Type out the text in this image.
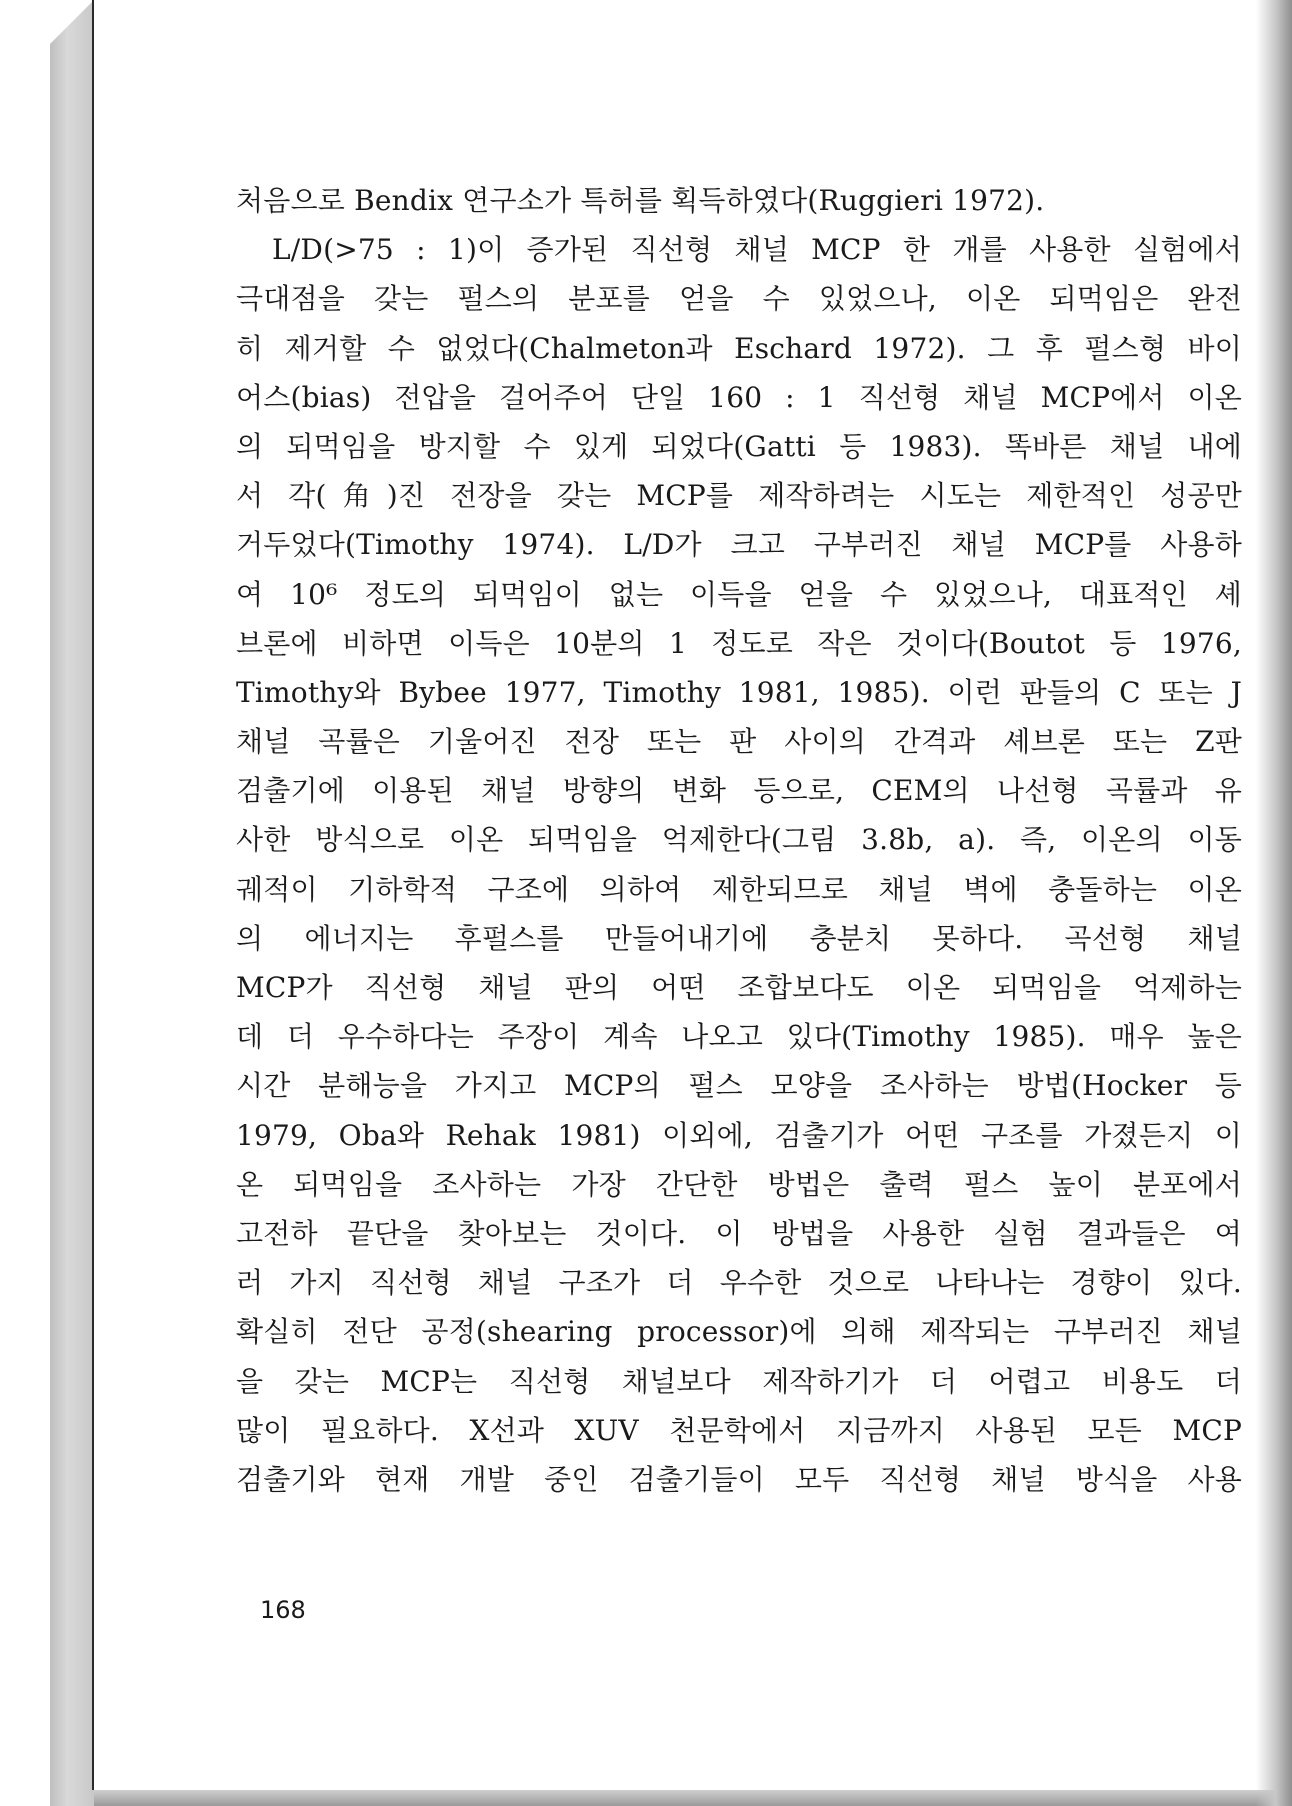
처음으로 Bendix 연구소가 특허를 획득하였다(Ruggieri 1972).
L/D(>75 : 1)이 증가된 직선형 채널 MCP 한 개를 사용한 실험에서
극대점을 갖는 펄스의 분포를 얻을 수 있었으나, 이온 되먹임은 완전
히 제거할 수 없었다(Chalmeton과 Eschard 1972). 그 후 펄스형 바이
어스(bias) 전압을 걸어주어 단일 160 : 1 직선형 채널 MCP에서 이온
의 되먹임을 방지할 수 있게 되었다(Gatti 등 1983). 똑바른 채널 내에
서 각(角)진 전장을 갖는 MCP를 제작하려는 시도는 제한적인 성공만
거두었다(Timothy 1974). L/D가 크고 구부러진 채널 MCP를 사용하
여 10⁶ 정도의 되먹임이 없는 이득을 얻을 수 있었으나, 대표적인 셰
브론에 비하면 이득은 10분의 1 정도로 작은 것이다(Boutot 등 1976,
Timothy와 Bybee 1977, Timothy 1981, 1985). 이런 판들의 C 또는 J
채널 곡률은 기울어진 전장 또는 판 사이의 간격과 셰브론 또는 Z판
검출기에 이용된 채널 방향의 변화 등으로, CEM의 나선형 곡률과 유
사한 방식으로 이온 되먹임을 억제한다(그림 3.8b, a). 즉, 이온의 이동
궤적이 기하학적 구조에 의하여 제한되므로 채널 벽에 충돌하는 이온
의 에너지는 후펄스를 만들어내기에 충분치 못하다. 곡선형 채널
MCP가 직선형 채널 판의 어떤 조합보다도 이온 되먹임을 억제하는
데 더 우수하다는 주장이 계속 나오고 있다(Timothy 1985). 매우 높은
시간 분해능을 가지고 MCP의 펄스 모양을 조사하는 방법(Hocker 등
1979, Oba와 Rehak 1981) 이외에, 검출기가 어떤 구조를 가졌든지 이
온 되먹임을 조사하는 가장 간단한 방법은 출력 펄스 높이 분포에서
고전하 끝단을 찾아보는 것이다. 이 방법을 사용한 실험 결과들은 여
러 가지 직선형 채널 구조가 더 우수한 것으로 나타나는 경향이 있다.
확실히 전단 공정(shearing processor)에 의해 제작되는 구부러진 채널
을 갖는 MCP는 직선형 채널보다 제작하기가 더 어렵고 비용도 더
많이 필요하다. X선과 XUV 천문학에서 지금까지 사용된 모든 MCP
검출기와 현재 개발 중인 검출기들이 모두 직선형 채널 방식을 사용
168
